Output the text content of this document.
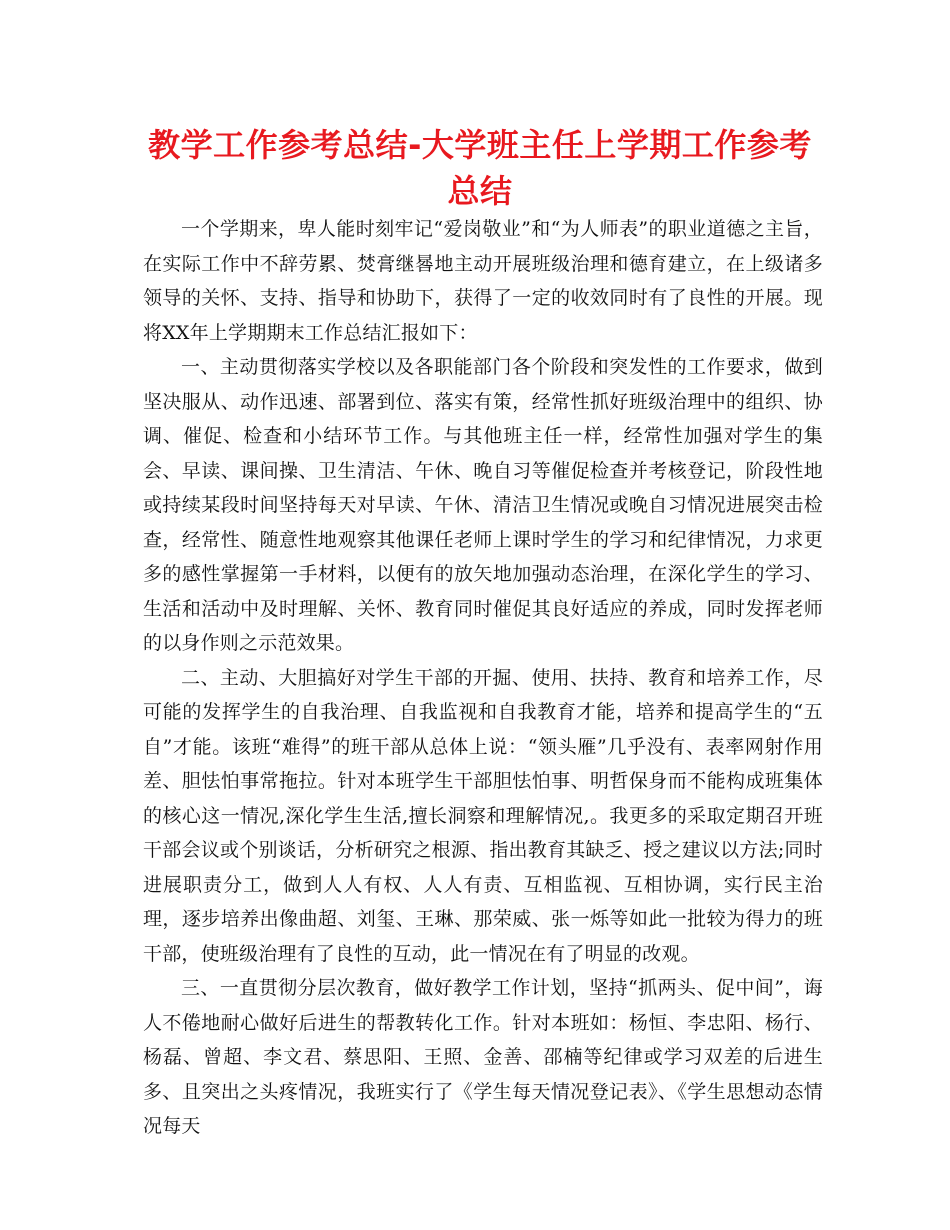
教学工作参考总结-大学班主任上学期工作参考总结

一个学期来，卑人能时刻牢记“爱岗敬业”和“为人师表”的职业道德之主旨，在实际工作中不辞劳累、焚膏继晷地主动开展班级治理和德育建立，在上级诸多领导的关怀、支持、指导和协助下，获得了一定的收效同时有了良性的开展。现将XX年上学期期末工作总结汇报如下：

一、主动贯彻落实学校以及各职能部门各个阶段和突发性的工作要求，做到坚决服从、动作迅速、部署到位、落实有策，经常性抓好班级治理中的组织、协调、催促、检查和小结环节工作。与其他班主任一样，经常性加强对学生的集会、早读、课间操、卫生清洁、午休、晚自习等催促检查并考核登记，阶段性地或持续某段时间坚持每天对早读、午休、清洁卫生情况或晚自习情况进展突击检查，经常性、随意性地观察其他课任老师上课时学生的学习和纪律情况，力求更多的感性掌握第一手材料，以便有的放矢地加强动态治理，在深化学生的学习、生活和活动中及时理解、关怀、教育同时催促其良好适应的养成，同时发挥老师的以身作则之示范效果。

二、主动、大胆搞好对学生干部的开掘、使用、扶持、教育和培养工作，尽可能的发挥学生的自我治理、自我监视和自我教育才能，培养和提高学生的“五自”才能。该班“难得”的班干部从总体上说：“领头雁”几乎没有、表率网射作用差、胆怯怕事常拖拉。针对本班学生干部胆怯怕事、明哲保身而不能构成班集体的核心这一情况,深化学生生活,擅长洞察和理解情况,。我更多的采取定期召开班干部会议或个别谈话，分析研究之根源、指出教育其缺乏、授之建议以方法;同时进展职责分工，做到人人有权、人人有责、互相监视、互相协调，实行民主治理，逐步培养出像曲超、刘玺、王琳、那荣威、张一烁等如此一批较为得力的班干部，使班级治理有了良性的互动，此一情况在有了明显的改观。

三、一直贯彻分层次教育，做好教学工作计划，坚持“抓两头、促中间”，诲人不倦地耐心做好后进生的帮教转化工作。针对本班如：杨恒、李忠阳、杨行、杨磊、曾超、李文君、蔡思阳、王照、金善、邵楠等纪律或学习双差的后进生多、且突出之头疼情况，我班实行了《学生每天情况登记表》、《学生思想动态情况每天
